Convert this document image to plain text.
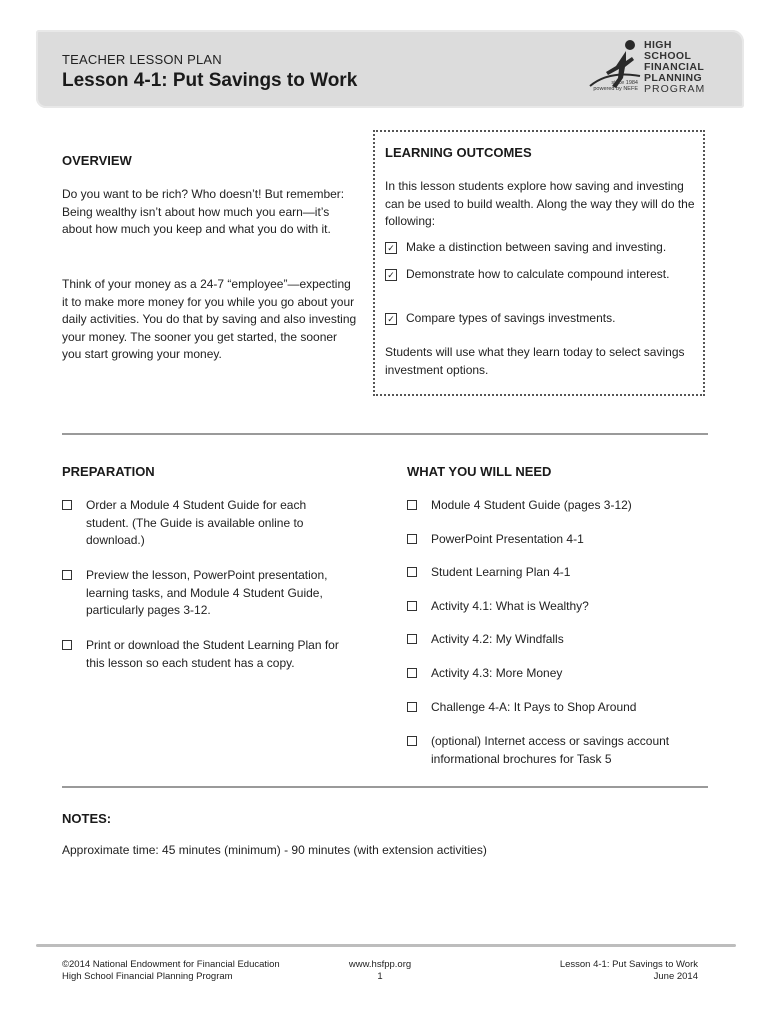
TEACHER LESSON PLAN
Lesson 4-1: Put Savings to Work	since 1984
powered by NEFE
HIGH
SCHOOL
FINANCIAL
PLANNING
PROGRAM
OVERVIEW

Do you want to be rich? Who doesn’t! But remember: Being wealthy isn’t about how much you earn—it’s about how much you keep and what you do with it.

Think of your money as a 24-7 “employee”—expecting it to make more money for you while you go about your daily activities. You do that by saving and also investing your money. The sooner you get started, the sooner you start growing your money.

LEARNING OUTCOMES

In this lesson students explore how saving and investing can be used to build wealth. Along the way they will do the following:

✓ Make a distinction between saving and investing.
✓ Demonstrate how to calculate compound interest.
✓ Compare types of savings investments.

Students will use what they learn today to select savings investment options.

PREPARATION
Order a Module 4 Student Guide for each student. (The Guide is available online to download.)
Preview the lesson, PowerPoint presentation, learning tasks, and Module 4 Student Guide, particularly pages 3-12.
Print or download the Student Learning Plan for this lesson so each student has a copy.
WHAT YOU WILL NEED
Module 4 Student Guide (pages 3-12)
PowerPoint Presentation 4-1
Student Learning Plan 4-1
Activity 4.1: What is Wealthy?
Activity 4.2: My Windfalls
Activity 4.3: More Money
Challenge 4-A: It Pays to Shop Around
(optional) Internet access or savings account informational brochures for Task 5
NOTES:

Approximate time: 45 minutes (minimum) - 90 minutes (with extension activities)

©2014 National Endowment for Financial Education
High School Financial Planning Program
www.hsfpp.org
1
Lesson 4-1: Put Savings to Work
June 2014
